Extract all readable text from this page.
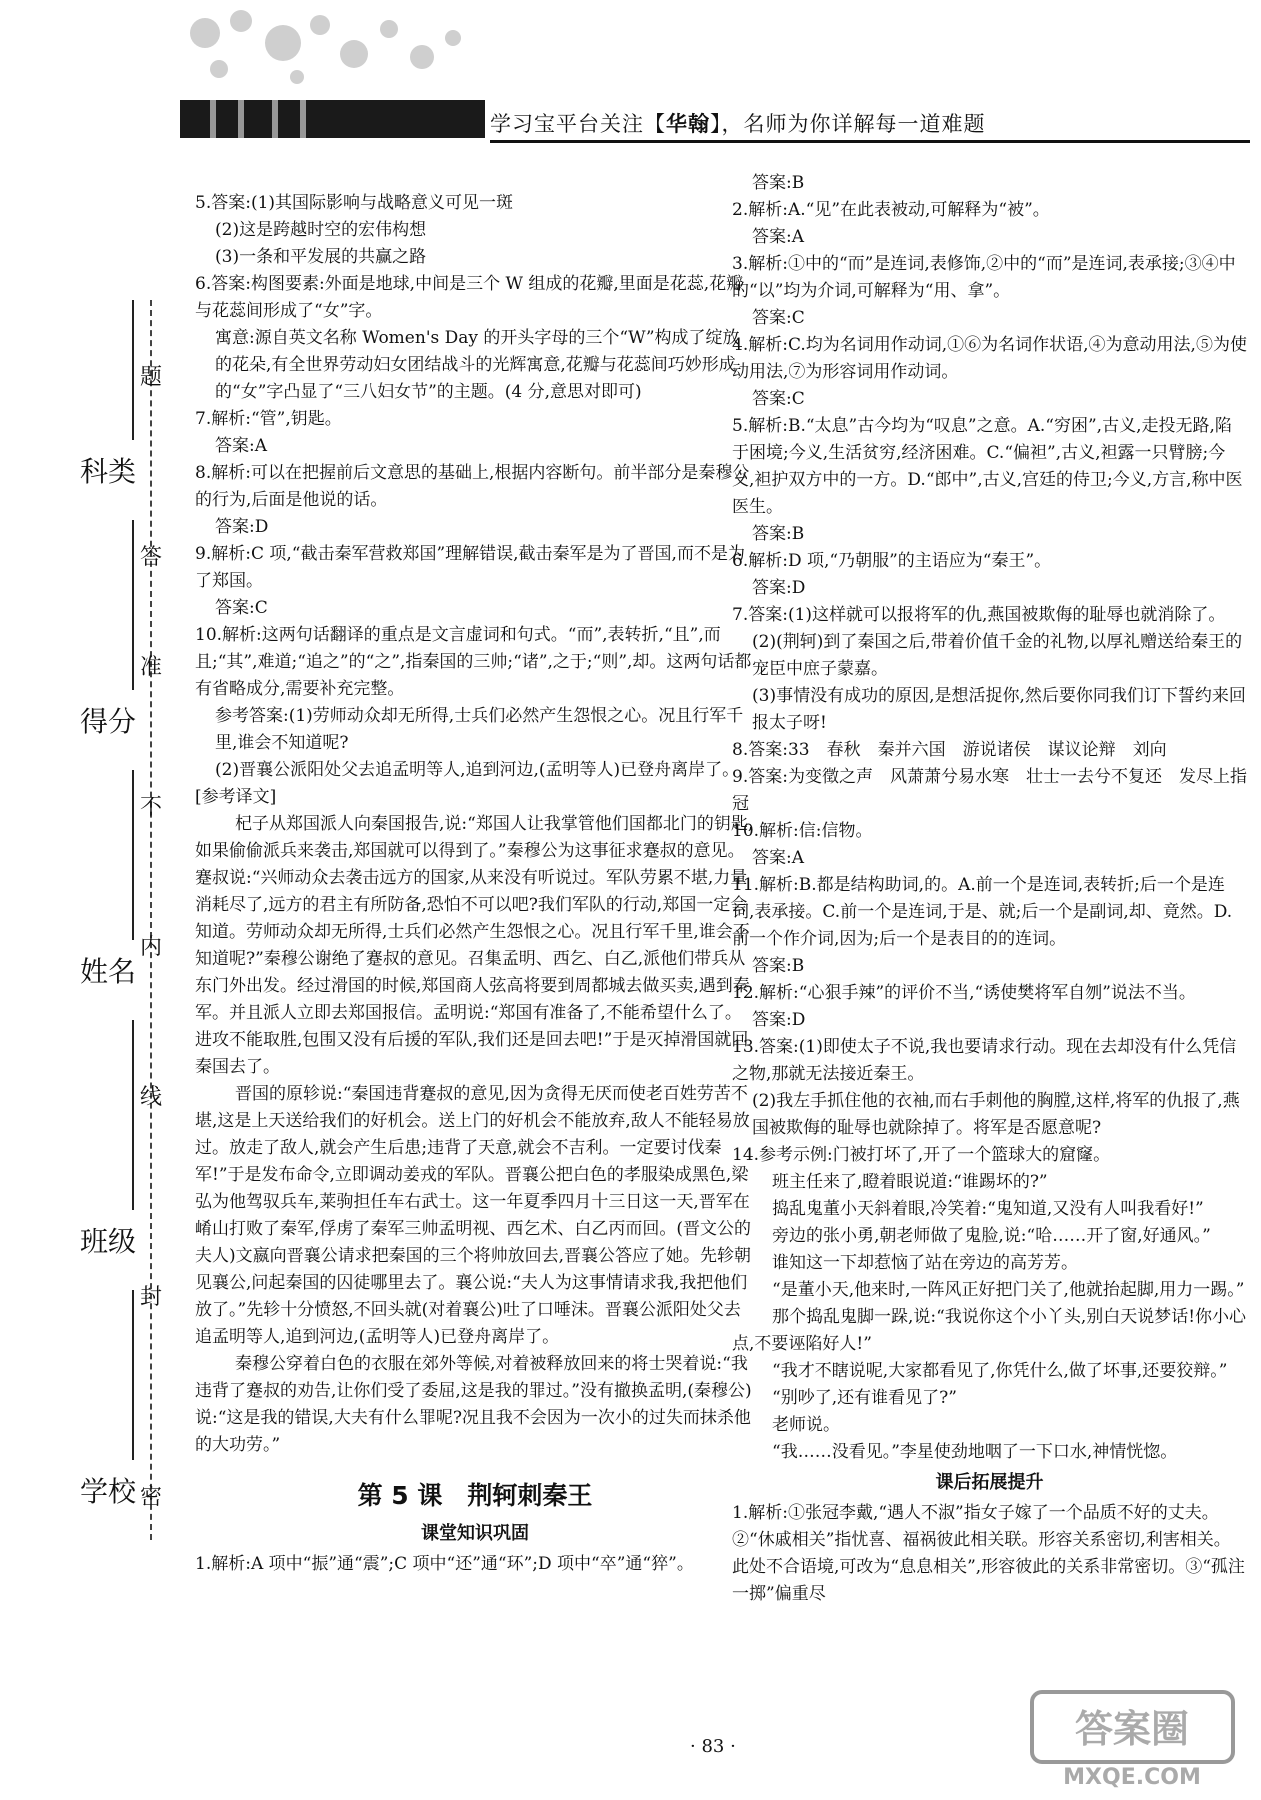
学习宝平台关注【华翰】，名师为你详解每一道难题
科类
得分
姓名
班级
学校
题
答
准
不
内
线
封
密

5.答案:(1)其国际影响与战略意义可见一斑

(2)这是跨越时空的宏伟构想

(3)一条和平发展的共赢之路

6.答案:构图要素:外面是地球,中间是三个 W 组成的花瓣,里面是花蕊,花瓣与花蕊间形成了“女”字。

寓意:源自英文名称 Women's Day 的开头字母的三个“W”构成了绽放的花朵,有全世界劳动妇女团结战斗的光辉寓意,花瓣与花蕊间巧妙形成的“女”字凸显了“三八妇女节”的主题。(4 分,意思对即可)

7.解析:“管”,钥匙。

答案:A

8.解析:可以在把握前后文意思的基础上,根据内容断句。前半部分是秦穆公的行为,后面是他说的话。

答案:D

9.解析:C 项,“截击秦军营救郑国”理解错误,截击秦军是为了晋国,而不是为了郑国。

答案:C

10.解析:这两句话翻译的重点是文言虚词和句式。“而”,表转折,“且”,而且;“其”,难道;“追之”的“之”,指秦国的三帅;“诸”,之于;“则”,却。这两句话都有省略成分,需要补充完整。

参考答案:(1)劳师动众却无所得,士兵们必然产生怨恨之心。况且行军千里,谁会不知道呢?

(2)晋襄公派阳处父去追孟明等人,追到河边,(孟明等人)已登舟离岸了。

[参考译文]

杞子从郑国派人向秦国报告,说:“郑国人让我掌管他们国都北门的钥匙,如果偷偷派兵来袭击,郑国就可以得到了。”秦穆公为这事征求蹇叔的意见。蹇叔说:“兴师动众去袭击远方的国家,从来没有听说过。军队劳累不堪,力量消耗尽了,远方的君主有所防备,恐怕不可以吧?我们军队的行动,郑国一定会知道。劳师动众却无所得,士兵们必然产生怨恨之心。况且行军千里,谁会不知道呢?”秦穆公谢绝了蹇叔的意见。召集孟明、西乞、白乙,派他们带兵从东门外出发。经过滑国的时候,郑国商人弦高将要到周都城去做买卖,遇到秦军。并且派人立即去郑国报信。孟明说:“郑国有准备了,不能希望什么了。进攻不能取胜,包围又没有后援的军队,我们还是回去吧!”于是灭掉滑国就回秦国去了。

晋国的原轸说:“秦国违背蹇叔的意见,因为贪得无厌而使老百姓劳苦不堪,这是上天送给我们的好机会。送上门的好机会不能放弃,敌人不能轻易放过。放走了敌人,就会产生后患;违背了天意,就会不吉利。一定要讨伐秦军!”于是发布命令,立即调动姜戎的军队。晋襄公把白色的孝服染成黑色,梁弘为他驾驭兵车,莱驹担任车右武士。这一年夏季四月十三日这一天,晋军在崤山打败了秦军,俘虏了秦军三帅孟明视、西乞术、白乙丙而回。(晋文公的夫人)文嬴向晋襄公请求把秦国的三个将帅放回去,晋襄公答应了她。先轸朝见襄公,问起秦国的囚徒哪里去了。襄公说:“夫人为这事情请求我,我把他们放了。”先轸十分愤怒,不回头就(对着襄公)吐了口唾沫。晋襄公派阳处父去追孟明等人,追到河边,(孟明等人)已登舟离岸了。

秦穆公穿着白色的衣服在郊外等候,对着被释放回来的将士哭着说:“我违背了蹇叔的劝告,让你们受了委屈,这是我的罪过。”没有撤换孟明,(秦穆公)说:“这是我的错误,大夫有什么罪呢?况且我不会因为一次小的过失而抹杀他的大功劳。”

第 5 课　荆轲刺秦王
课堂知识巩固

1.解析:A 项中“振”通“震”;C 项中“还”通“环”;D 项中“卒”通“猝”。

答案:B

2.解析:A.“见”在此表被动,可解释为“被”。

答案:A

3.解析:①中的“而”是连词,表修饰,②中的“而”是连词,表承接;③④中的“以”均为介词,可解释为“用、拿”。

答案:C

4.解析:C.均为名词用作动词,①⑥为名词作状语,④为意动用法,⑤为使动用法,⑦为形容词用作动词。

答案:C

5.解析:B.“太息”古今均为“叹息”之意。A.“穷困”,古义,走投无路,陷于困境;今义,生活贫穷,经济困难。C.“偏袒”,古义,袒露一只臂膀;今义,袒护双方中的一方。D.“郎中”,古义,宫廷的侍卫;今义,方言,称中医医生。

答案:B

6.解析:D 项,“乃朝服”的主语应为“秦王”。

答案:D

7.答案:(1)这样就可以报将军的仇,燕国被欺侮的耻辱也就消除了。

(2)(荆轲)到了秦国之后,带着价值千金的礼物,以厚礼赠送给秦王的宠臣中庶子蒙嘉。

(3)事情没有成功的原因,是想活捉你,然后要你同我们订下誓约来回报太子呀!

8.答案:33　春秋　秦并六国　游说诸侯　谋议论辩　刘向

9.答案:为变徵之声　风萧萧兮易水寒　壮士一去兮不复还　发尽上指冠

10.解析:信:信物。

答案:A

11.解析:B.都是结构助词,的。A.前一个是连词,表转折;后一个是连词,表承接。C.前一个是连词,于是、就;后一个是副词,却、竟然。D.前一个作介词,因为;后一个是表目的的连词。

答案:B

12.解析:“心狠手辣”的评价不当,“诱使樊将军自刎”说法不当。

答案:D

13.答案:(1)即使太子不说,我也要请求行动。现在去却没有什么凭信之物,那就无法接近秦王。

(2)我左手抓住他的衣袖,而右手刺他的胸膛,这样,将军的仇报了,燕国被欺侮的耻辱也就除掉了。将军是否愿意呢?

14.参考示例:门被打坏了,开了一个篮球大的窟窿。

班主任来了,瞪着眼说道:“谁踢坏的?”

捣乱鬼董小天斜着眼,冷笑着:“鬼知道,又没有人叫我看好!”

旁边的张小勇,朝老师做了鬼脸,说:“哈……开了窗,好通风。”

谁知这一下却惹恼了站在旁边的高芳芳。

“是董小天,他来时,一阵风正好把门关了,他就抬起脚,用力一踢。”

那个捣乱鬼脚一跺,说:“我说你这个小丫头,别白天说梦话!你小心点,不要诬陷好人!”

“我才不瞎说呢,大家都看见了,你凭什么,做了坏事,还要狡辩。”

“别吵了,还有谁看见了?”

老师说。

“我……没看见。”李星使劲地咽了一下口水,神情恍惚。

课后拓展提升

1.解析:①张冠李戴,“遇人不淑”指女子嫁了一个品质不好的丈夫。②“休戚相关”指忧喜、福祸彼此相关联。形容关系密切,利害相关。此处不合语境,可改为“息息相关”,形容彼此的关系非常密切。③“孤注一掷”偏重尽

· 83 ·	答案圈
MXQE.COM
